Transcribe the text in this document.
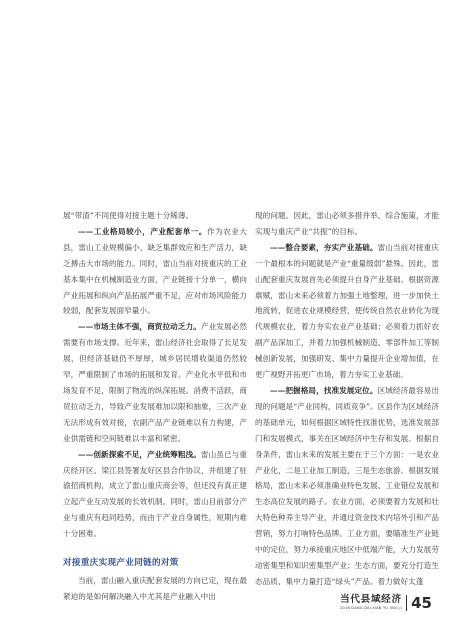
展“带渣”不同使得对接主题十分稀薄。

——工业格局较小，产业配套单一。作为农业大县，雷山工业规模偏小、缺乏集群效应和生产活力，缺乏搏击大市场的能力。同时，雷山当前对接重庆的工业基本集中在机械制造业方面，产业链接十分单一，横向产业拓展和纵向产品拓展严重不足，应对市场风险能力较弱，配套发展面窄量小。

——市场主体不强，商贸拉动乏力。产业发展必然需要有市场支撑。近年来，雷山经济社会取得了长足发展，但经济基础仍不厚厚，城乡居民增收渠道仍然较窄，严重限制了市场的拓展和发育。产业化水平低和市场发育不足，限制了物流的纵深拓展。消费不活跃，商贸拉动乏力，导致产业发展难加以限和抽象，三次产业无法形成有效对接，农副产品产业链难以有力构建，产业供需链和空间链难以丰富和紧密。

——创新探索不足，产业统筹粗浅。雷山虽已与重庆经开区、梁江县签署友好区县合作协议，并组建了驻渝招商机构，成立了雷山重庆商会等，但还没有真正建立起产业互动发展的长效机制。同时，雷山目前部分产业与重庆有趋同趋势，而由于产业自身属性，短期内难十分困难。

对接重庆实现产业同链的对策

当前，雷山融入重庆配套发展的方向已定，现在最紧迫的是如何解决融入中尤其是产业融入中出

现的问题。因此，雷山必须多措并举、综合施策，才能实现与重庆产业“共振”的目标。

——整合要素，夯实产业基础。雷山当前对接重庆一个最根本的问题就是产业“重量级弱”悬殊。因此，雷山配套重庆发展首先必须提升自身产业基础。根据资源禀赋，雷山未来必须着力加强土地整理，进一步加快土地流转，促进农业规模经营，使传统自然农业转化为现代规模农业，着力夯实农业产业基础；必须着力抓好农副产品深加工，并着力加强机械制造、零部件加工等制械创新发展，加强研发、集中力量提升企业增加值，在更广视野开拓更广市场，着力夯实工业基础。

——把握格局，找准发展定位。区域经济最容易出现的问题是“产业同构，同质竞争”。区县作为区域经济的基础单元，如何根据区域特性找准优势，选准发展部门和发展模式，事关在区域经济中生存和发展。根据自身条件，雷山未来的发展主要在于三个方面：一是农业产业化，二是工业加工制造，三是生态旅游。根据发展格局，雷山未来必须准确业特色发展、工业错位发展和生态高位发展的路子。农业方面，必须要着力发展和壮大特色种养主导产业，并通过资金技术内培外引和产品营销，努力打响特色品牌。工业方面，要瞄准生产业链中的定位，努力承接重庆地区中低端产能，大力发展劳动密集型和知识密集型产业；生态方面，要充分打造生态品质、集中力量打造“绿头”产品。着力做好太蓬

当代县域经济
2016 DANG DAI XIAN YU JING JI 45
